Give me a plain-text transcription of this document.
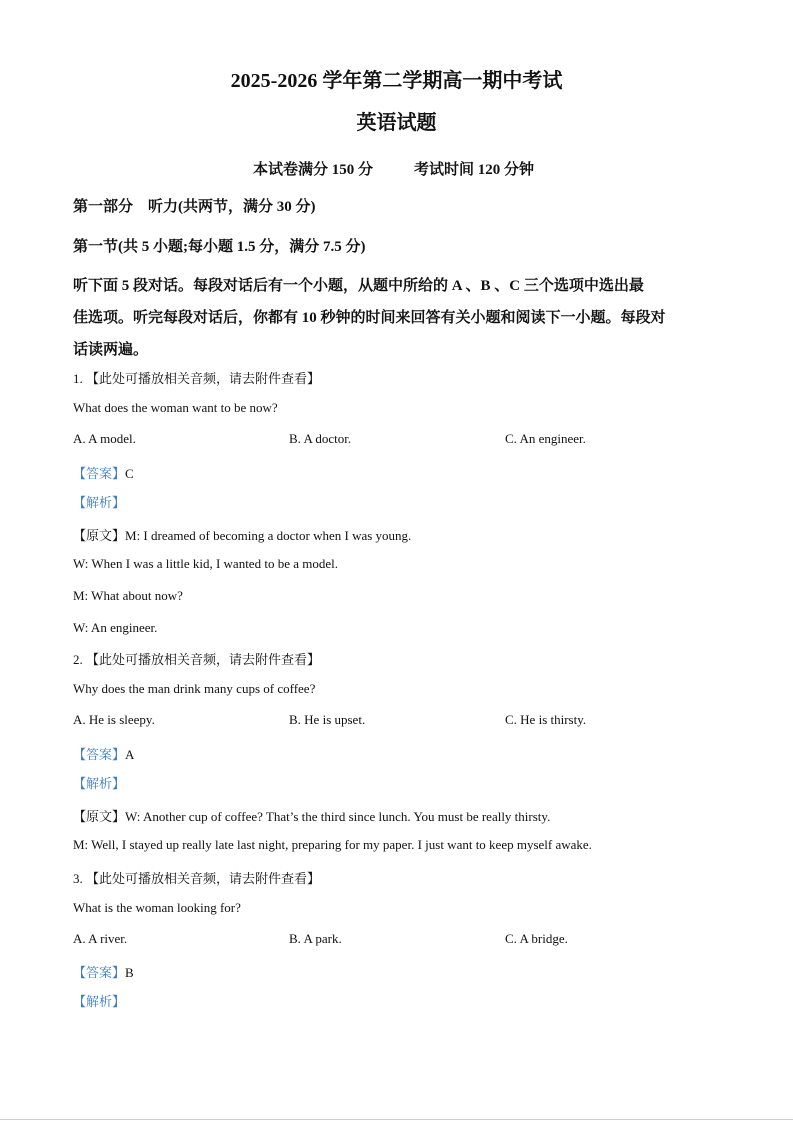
2025-2026 学年第二学期高一期中考试
英语试题
本试卷满分 150 分	考试时间 120 分钟
第一部分　听力(共两节，满分 30 分)
第一节(共 5 小题;每小题 1.5 分，满分 7.5 分)
听下面 5 段对话。每段对话后有一个小题，从题中所给的 A 、B 、C 三个选项中选出最
佳选项。听完每段对话后，你都有 10 秒钟的时间来回答有关小题和阅读下一小题。每段对
话读两遍。
1. 【此处可播放相关音频，请去附件查看】
What does the woman want to be now?
A. A model.	B. A doctor.	C. An engineer.
【答案】C
【解析】
【原文】M: I dreamed of becoming a doctor when I was young.
W: When I was a little kid, I wanted to be a model.
M: What about now?
W: An engineer.
2. 【此处可播放相关音频，请去附件查看】
Why does the man drink many cups of coffee?
A. He is sleepy.	B. He is upset.	C. He is thirsty.
【答案】A
【解析】
【原文】W: Another cup of coffee? That’s the third since lunch. You must be really thirsty.
M: Well, I stayed up really late last night, preparing for my paper. I just want to keep myself awake.
3. 【此处可播放相关音频，请去附件查看】
What is the woman looking for?
A. A river.	B. A park.	C. A bridge.
【答案】B
【解析】
